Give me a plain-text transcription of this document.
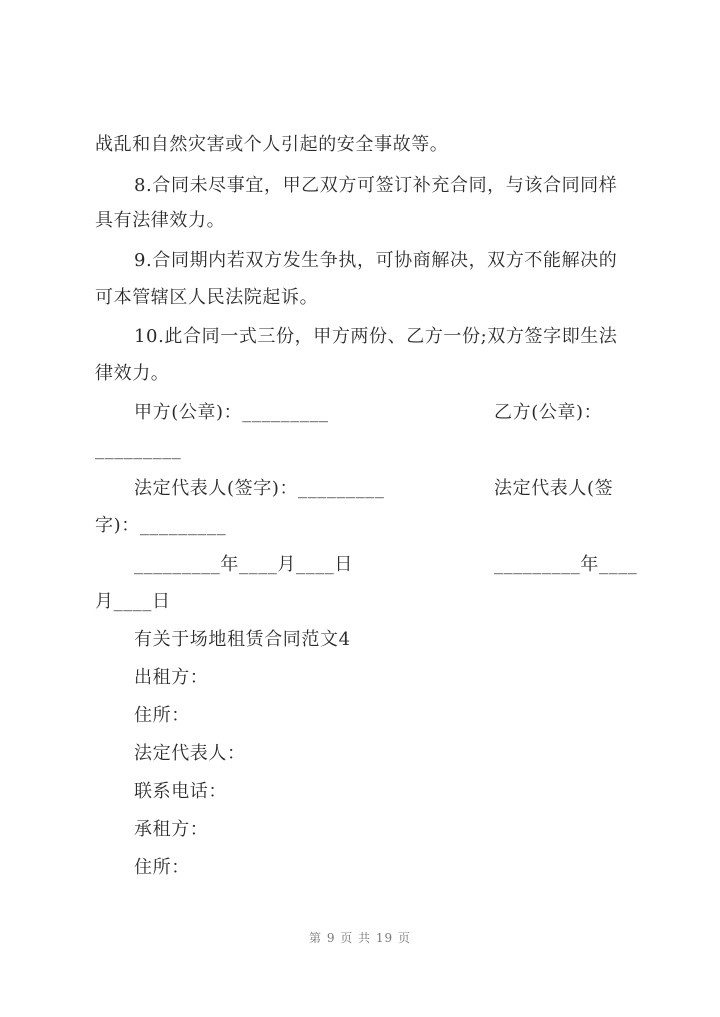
战乱和自然灾害或个人引起的安全事故等。
8.合同未尽事宜，甲乙双方可签订补充合同，与该合同同样
具有法律效力。
9.合同期内若双方发生争执，可协商解决，双方不能解决的
可本管辖区人民法院起诉。
10.此合同一式三份，甲方两份、乙方一份;双方签字即生法
律效力。
甲方(公章)：_________	乙方(公章)：
_________
法定代表人(签字)：_________	法定代表人(签
字)：_________
_________年____月____日	_________年____
月____日
有关于场地租赁合同范文4
出租方：
住所：
法定代表人：
联系电话：
承租方：
住所：
第 9 页 共 19 页
